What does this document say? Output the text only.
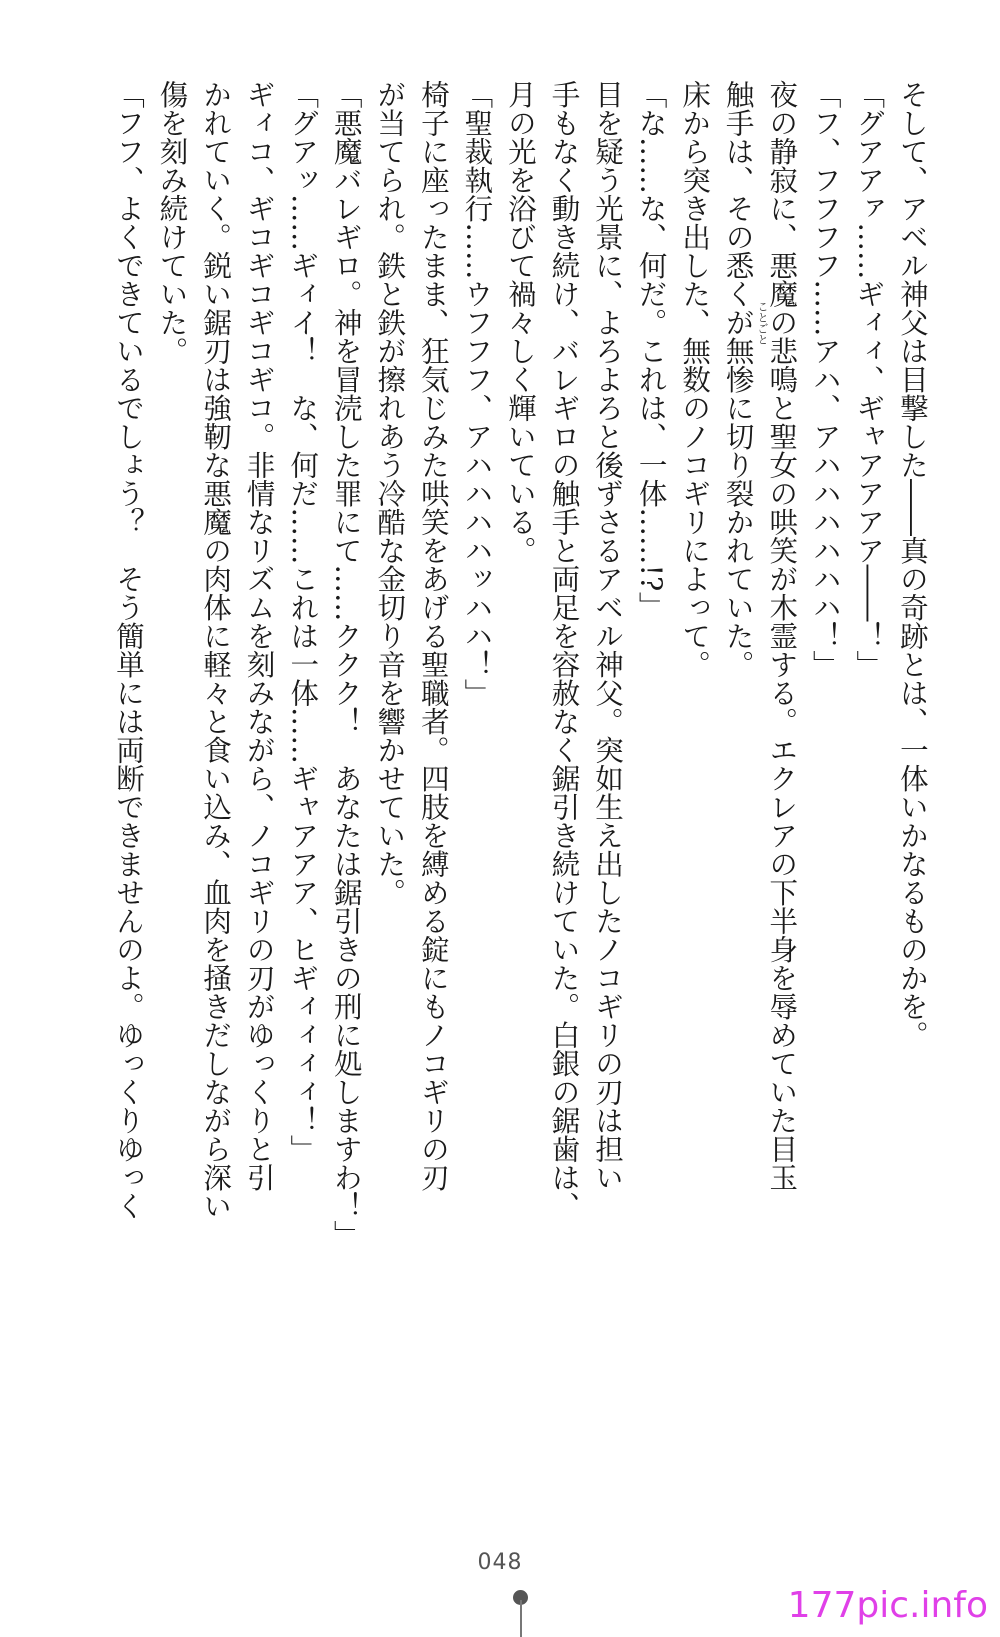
そして、アベル神父は目撃した――真の奇跡とは、一体いかなるものかを。
「グアアァ……ギィィ、ギャアアアア――！」
「フ、フフフフ……アハ、アハハハハハハ！」
夜の静寂に、悪魔の悲鳴と聖女の哄笑が木霊する。エクレアの下半身を辱めていた目玉
触手は、その悉くが無惨に切り裂かれていた。
床から突き出した、無数のノコギリによって。
「な……な、何だ。これは、一体……!?」
目を疑う光景に、よろよろと後ずさるアベル神父。突如生え出したノコギリの刃は担い
手もなく動き続け、バレギロの触手と両足を容赦なく鋸引き続けていた。白銀の鋸歯は、
月の光を浴びて禍々しく輝いている。
「聖裁執行……ウフフフ、アハハハハッハハ！」
椅子に座ったまま、狂気じみた哄笑をあげる聖職者。四肢を縛める錠にもノコギリの刃
が当てられ。鉄と鉄が擦れあう冷酷な金切り音を響かせていた。
「悪魔バレギロ。神を冒涜した罪にて……ククク！　あなたは鋸引きの刑に処しますわ！」
「グアッ……ギィイ！　な、何だ……これは一体……ギャアアア、ヒギィィィィ！」
ギィコ、ギコギコギコギコ。非情なリズムを刻みながら、ノコギリの刃がゆっくりと引
かれていく。鋭い鋸刃は強靭な悪魔の肉体に軽々と食い込み、血肉を掻きだしながら深い
傷を刻み続けていた。
「フフ、よくできているでしょう？　そう簡単には両断できませんのよ。ゆっくりゆっく	ことごと
048
177pic.info
